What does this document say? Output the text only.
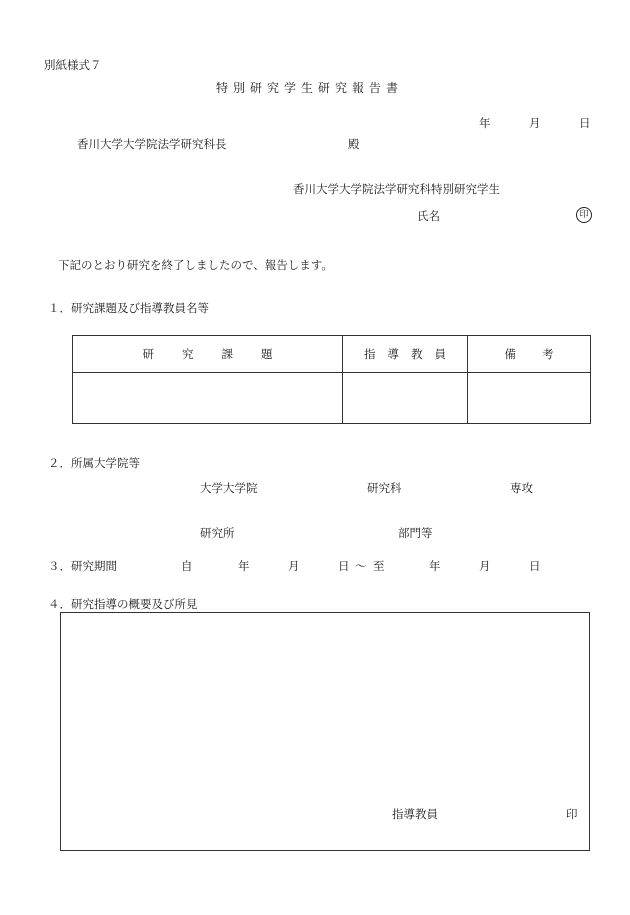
別紙様式７
特別研究学生研究報告書
年	月	日
香川大学大学院法学研究科長	殿
香川大学大学院法学研究科特別研究学生
氏名	印
下記のとおり研究を終了しましたので、報告します。
１．研究課題及び指導教員名等
研究課題	指導教員	備考

２．所属大学院等
大学大学院	研究科	専攻
研究所	部門等
３．研究期間	自	年	月	日 ～ 至	年	月	日
４．研究指導の概要及び所見
指導教員	印
